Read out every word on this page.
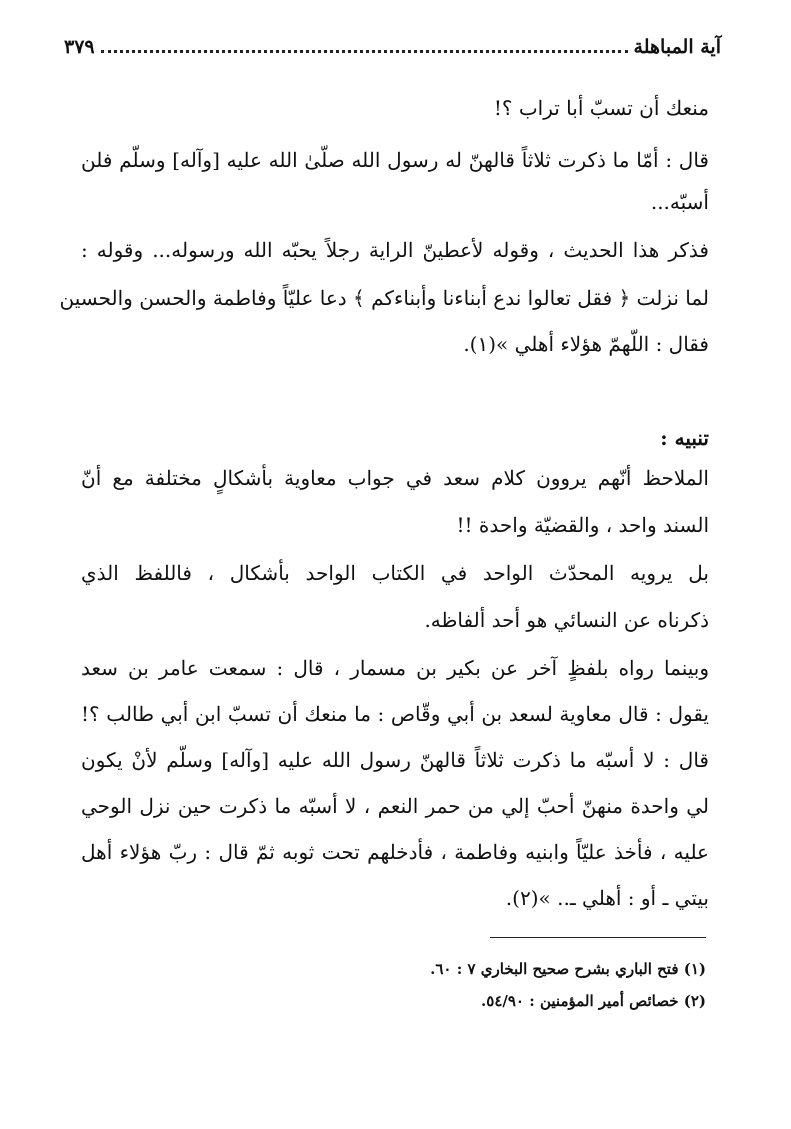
آية المباهلة
٣٧٩
منعك أن تسبّ أبا تراب ؟!
قال : أمّا ما ذكرت ثلاثاً قالهنّ له رسول الله صلّىٰ الله عليه [وآله] وسلّم فلن
أسبّه...
فذكر هذا الحديث ، وقوله لأعطينّ الراية رجلاً يحبّه الله ورسوله... وقوله :
لما نزلت ﴿ فقل تعالوا ندع أبناءنا وأبناءكم ﴾ دعا عليّاً وفاطمة والحسن والحسين
فقال : اللّهمّ هؤلاء أهلي »(١).
تنبيه :
الملاحظ أنّهم يروون كلام سعد في جواب معاوية بأشكالٍ مختلفة مع أنّ
السند واحد ، والقضيّة واحدة !!
بل يرويه المحدّث الواحد في الكتاب الواحد بأشكال ، فاللفظ الذي
ذكرناه عن النسائي هو أحد ألفاظه.
وبينما رواه بلفظٍ آخر عن بكير بن مسمار ، قال : سمعت عامر بن سعد
يقول : قال معاوية لسعد بن أبي وقّاص : ما منعك أن تسبّ ابن أبي طالب ؟!
قال : لا أسبّه ما ذكرت ثلاثاً قالهنّ رسول الله عليه [وآله] وسلّم لأنْ يكون
لي واحدة منهنّ أحبّ إلي من حمر النعم ، لا أسبّه ما ذكرت حين نزل الوحي
عليه ، فأخذ عليّاً وابنيه وفاطمة ، فأدخلهم تحت ثوبه ثمّ قال : ربّ هؤلاء أهل
بيتي ـ أو : أهلي ـ.. »(٢).
(١) فتح الباري بشرح صحيح البخاري ٧ : ٦٠.
(٢) خصائص أمير المؤمنين : ٥٤/٩٠.
